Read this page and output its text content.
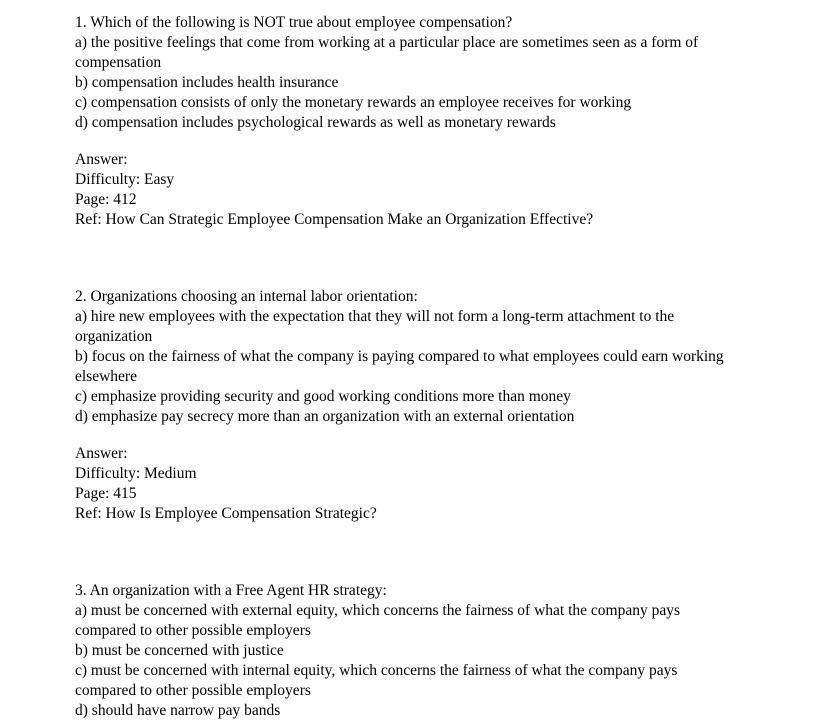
1. Which of the following is NOT true about employee compensation?
a) the positive feelings that come from working at a particular place are sometimes seen as a form of compensation
b) compensation includes health insurance
c) compensation consists of only the monetary rewards an employee receives for working
d) compensation includes psychological rewards as well as monetary rewards
Answer:
Difficulty: Easy
Page: 412
Ref: How Can Strategic Employee Compensation Make an Organization Effective?
2. Organizations choosing an internal labor orientation:
a) hire new employees with the expectation that they will not form a long-term attachment to the organization
b) focus on the fairness of what the company is paying compared to what employees could earn working elsewhere
c) emphasize providing security and good working conditions more than money
d) emphasize pay secrecy more than an organization with an external orientation
Answer:
Difficulty: Medium
Page: 415
Ref: How Is Employee Compensation Strategic?
3. An organization with a Free Agent HR strategy:
a) must be concerned with external equity, which concerns the fairness of what the company pays compared to other possible employers
b) must be concerned with justice
c) must be concerned with internal equity, which concerns the fairness of what the company pays compared to other possible employers
d) should have narrow pay bands
